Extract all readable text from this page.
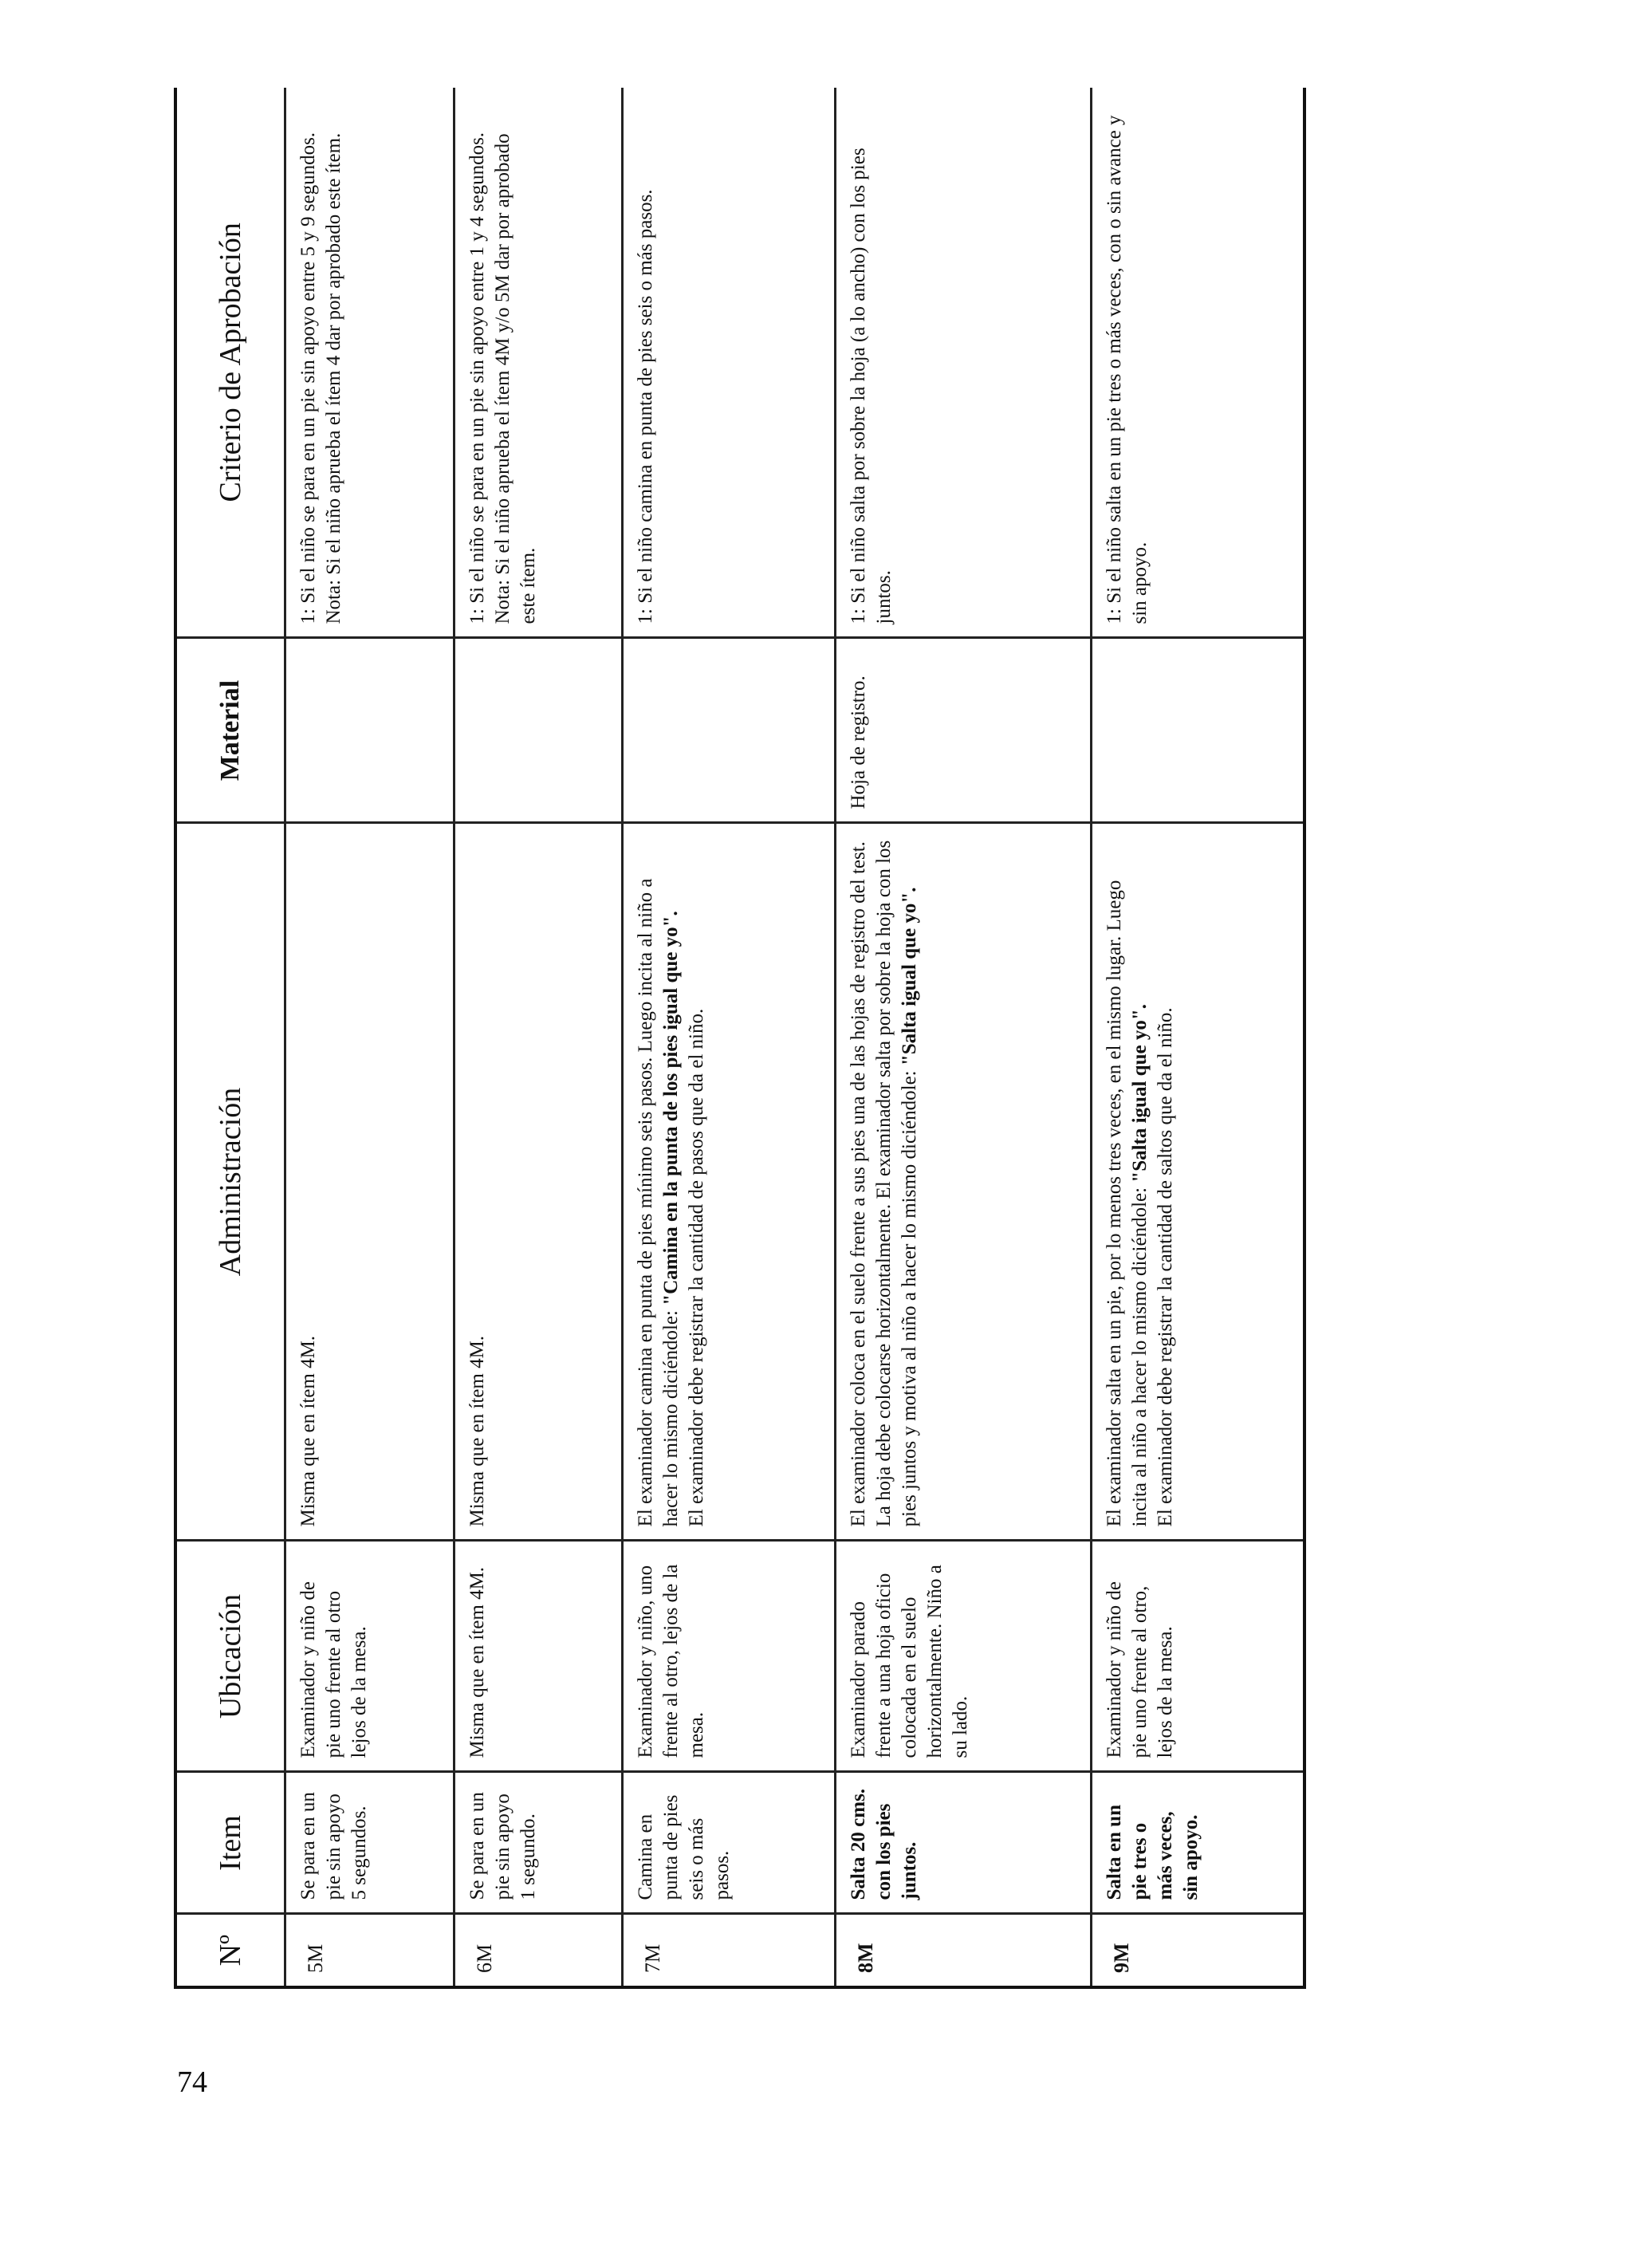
74
Nº	Item	Ubicación	Administración	Material	Criterio de Aprobación
5M	Se para en un pie sin apoyo 5 segundos.	Examinador y niño de pie uno frente al otro lejos de la mesa.	Misma que en ítem 4M.		1: Si el niño se para en un pie sin apoyo entre 5 y 9 segundos. Nota: Si el niño aprueba el ítem 4 dar por aprobado este ítem.

6M	Se para en un pie sin apoyo 1 segundo.	Misma que en ítem 4M.	Misma que en ítem 4M.		1: Si el niño se para en un pie sin apoyo entre 1 y 4 segundos. Nota: Si el niño aprueba el ítem 4M y/o 5M dar por aprobado este ítem.

7M	Camina en punta de pies seis o más pasos.	Examinador y niño, uno frente al otro, lejos de la mesa.	El examinador camina en punta de pies mínimo seis pasos. Luego incita al niño a hacer lo mismo diciéndole: "Camina en la punta de los pies igual que yo". El examinador debe registrar la cantidad de pasos que da el niño.		1: Si el niño camina en punta de pies seis o más pasos.

8M	Salta 20 cms. con los pies juntos.	Examinador parado frente a una hoja oficio colocada en el suelo horizontalmente. Niño a su lado.	El examinador coloca en el suelo frente a sus pies una de las hojas de registro del test. La hoja debe colocarse horizontalmente. El examinador salta por sobre la hoja con los pies juntos y motiva al niño a hacer lo mismo diciéndole: "Salta igual que yo".	Hoja de registro.	1: Si el niño salta por sobre la hoja (a lo ancho) con los pies juntos.

9M	Salta en un pie tres o más veces, sin apoyo.	Examinador y niño de pie uno frente al otro, lejos de la mesa.	El examinador salta en un pie, por lo menos tres veces, en el mismo lugar. Luego incita al niño a hacer lo mismo diciéndole: "Salta igual que yo". El examinador debe registrar la cantidad de saltos que da el niño.		1: Si el niño salta en un pie tres o más veces, con o sin avance y sin apoyo.
